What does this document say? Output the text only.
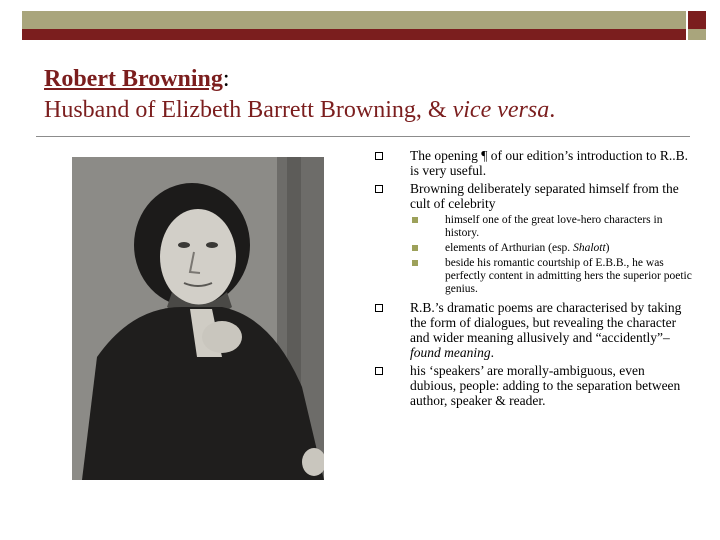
Robert Browning:
Husband of Elizbeth Barrett Browning, & vice versa.
The opening ¶ of our edition’s introduction to R..B. is very useful.
Browning deliberately separated himself from the cult of celebrity
himself one of the great love-hero characters in history.
elements of Arthurian (esp. Shalott)
beside his romantic courtship of E.B.B., he was perfectly content in admitting hers the superior poetic genius.
R.B.’s dramatic poems are characterised by taking the form of dialogues, but revealing the character and wider meaning allusively and “accidently”– found meaning.
his ‘speakers’ are morally-ambiguous, even dubious, people: adding to the separation between author, speaker & reader.
